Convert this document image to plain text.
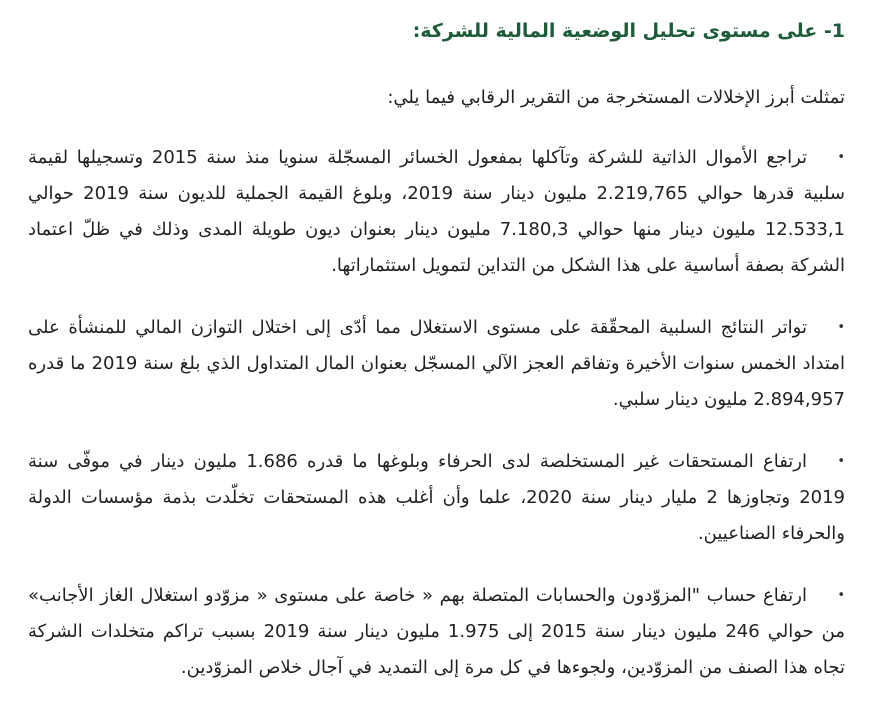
1- على مستوى تحليل الوضعية المالية للشركة:

تمثلت أبرز الإخلالات المستخرجة من التقرير الرقابي فيما يلي:

•تراجع الأموال الذاتية للشركة وتآكلها بمفعول الخسائر المسجّلة سنويا منذ سنة 2015 وتسجيلها لقيمة سلبية قدرها حوالي 2.219,765 مليون دينار سنة 2019، وبلوغ القيمة الجملية للديون سنة 2019 حوالي 12.533,1 مليون دينار منها حوالي 7.180,3 مليون دينار بعنوان ديون طويلة المدى وذلك في ظلّ اعتماد الشركة بصفة أساسية على هذا الشكل من التداين لتمويل استثماراتها.
•تواتر النتائج السلبية المحقّقة على مستوى الاستغلال مما أدّى إلى اختلال التوازن المالي للمنشأة على امتداد الخمس سنوات الأخيرة وتفاقم العجز الآلي المسجّل بعنوان المال المتداول الذي بلغ سنة 2019 ما قدره 2.894,957 مليون دينار سلبي.
•ارتفاع المستحقات غير المستخلصة لدى الحرفاء وبلوغها ما قدره 1.686 مليون دينار في موفّى سنة 2019 وتجاوزها 2 مليار دينار سنة 2020، علما وأن أغلب هذه المستحقات تخلّدت بذمة مؤسسات الدولة والحرفاء الصناعيين.
•ارتفاع حساب "المزوّدون والحسابات المتصلة بهم « خاصة على مستوى « مزوّدو استغلال الغاز الأجانب» من حوالي 246 مليون دينار سنة 2015 إلى 1.975 مليون دينار سنة 2019 بسبب تراكم متخلدات الشركة تجاه هذا الصنف من المزوّدين، ولجوءها في كل مرة إلى التمديد في آجال خلاص المزوّدين.
